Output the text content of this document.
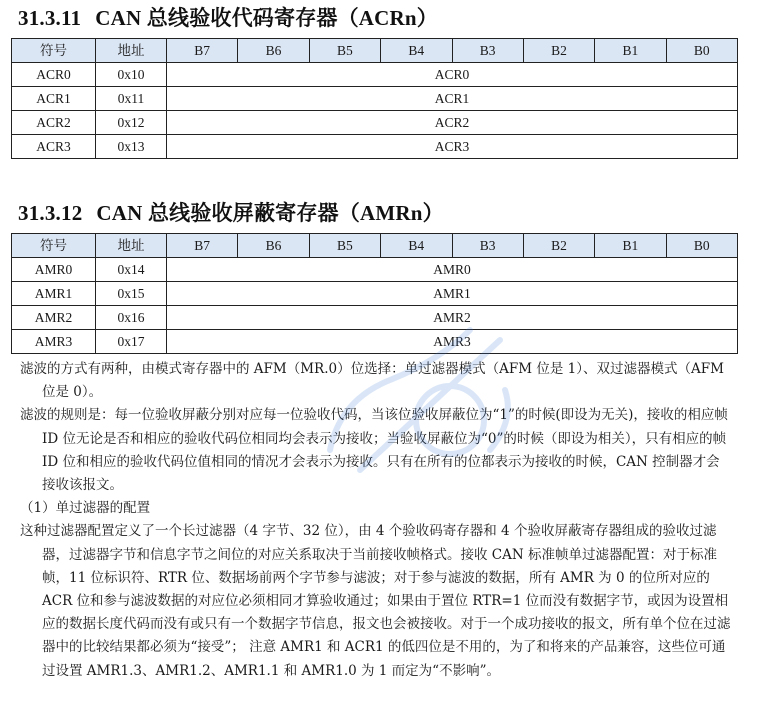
31.3.11 CAN 总线验收代码寄存器（ACRn）
符号	地址	B7	B6	B5	B4	B3	B2	B1	B0
ACR0	0x10	ACR0							
ACR1	0x11	ACR1							
ACR2	0x12	ACR2							
ACR3	0x13	ACR3							
31.3.12 CAN 总线验收屏蔽寄存器（AMRn）
符号	地址	B7	B6	B5	B4	B3	B2	B1	B0
AMR0	0x14	AMR0							
AMR1	0x15	AMR1							
AMR2	0x16	AMR2							
AMR3	0x17	AMR3							

滤波的方式有两种，由模式寄存器中的 AFM（MR.0）位选择：单过滤器模式（AFM 位是 1）、双过滤器模式（AFM 位是 0）。

滤波的规则是：每一位验收屏蔽分别对应每一位验收代码，当该位验收屏蔽位为“1”的时候(即设为无关)，接收的相应帧 ID 位无论是否和相应的验收代码位相同均会表示为接收；当验收屏蔽位为“0”的时候（即设为相关），只有相应的帧 ID 位和相应的验收代码位值相同的情况才会表示为接收。只有在所有的位都表示为接收的时候，CAN 控制器才会接收该报文。

（1）单过滤器的配置

这种过滤器配置定义了一个长过滤器（4 字节、32 位），由 4 个验收码寄存器和 4 个验收屏蔽寄存器组成的验收过滤器，过滤器字节和信息字节之间位的对应关系取决于当前接收帧格式。接收 CAN 标准帧单过滤器配置：对于标准帧，11 位标识符、RTR 位、数据场前两个字节参与滤波；对于参与滤波的数据，所有 AMR 为 0 的位所对应的 ACR 位和参与滤波数据的对应位必须相同才算验收通过；如果由于置位 RTR=1 位而没有数据字节，或因为设置相应的数据长度代码而没有或只有一个数据字节信息，报文也会被接收。对于一个成功接收的报文，所有单个位在过滤器中的比较结果都必须为“接受”； 注意 AMR1 和 ACR1 的低四位是不用的，为了和将来的产品兼容，这些位可通过设置 AMR1.3、AMR1.2、AMR1.1 和 AMR1.0 为 1 而定为“不影响”。
